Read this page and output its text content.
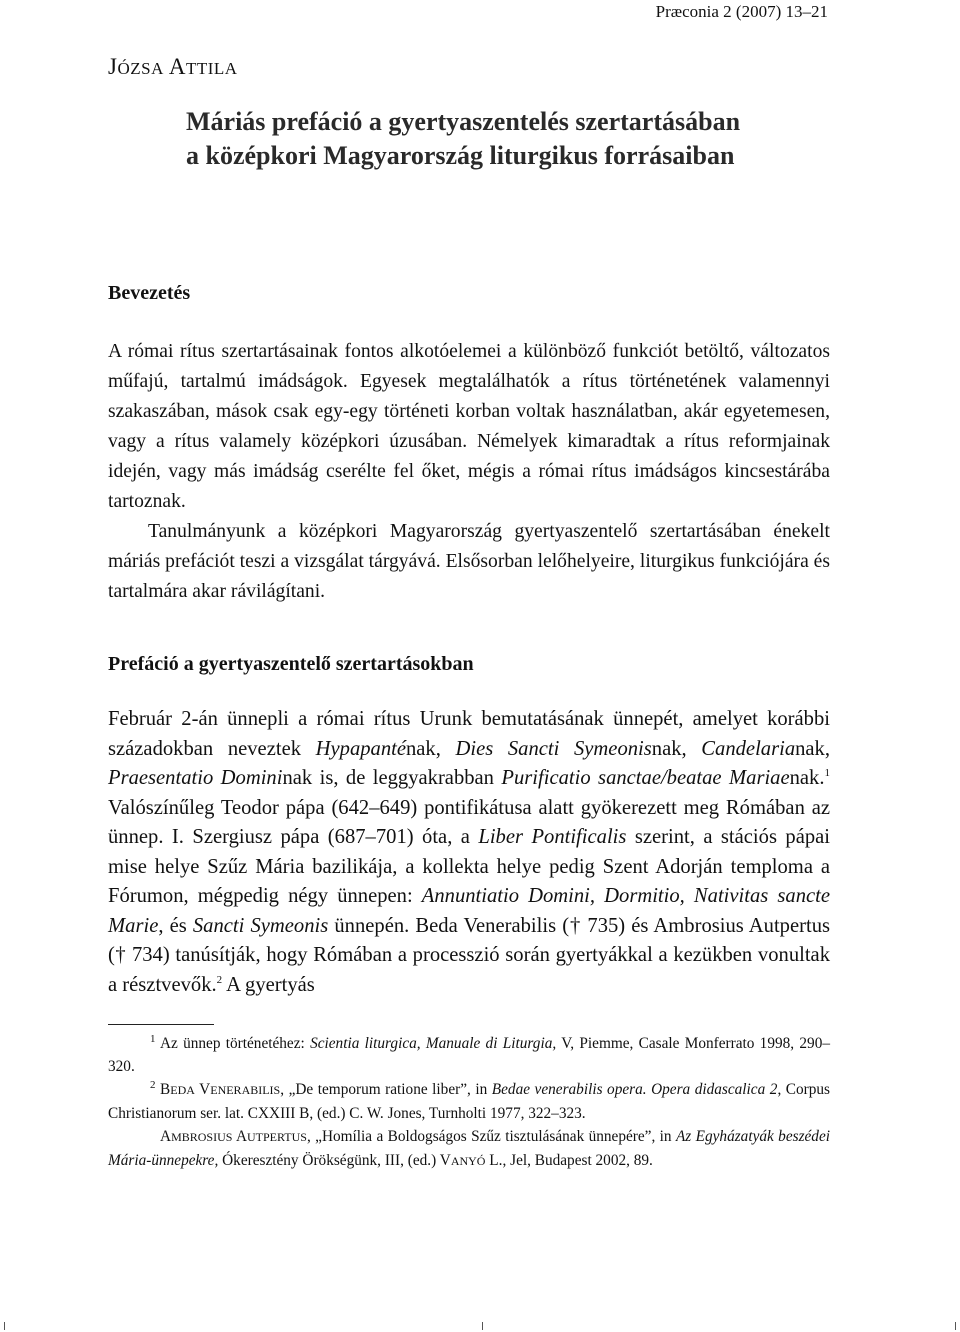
Præconia 2 (2007) 13–21
JÓZSA ATTILA
Máriás prefáció a gyertyaszentelés szertartásában
a középkori Magyarország liturgikus forrásaiban
Bevezetés

A római rítus szertartásainak fontos alkotóelemei a különböző funkciót betöltő, változatos műfajú, tartalmú imádságok. Egyesek megtalálhatók a rítus történetének valamennyi szakaszában, mások csak egy-egy történeti korban voltak használatban, akár egyetemesen, vagy a rítus valamely középkori úzusában. Némelyek kimaradtak a rítus reformjainak idején, vagy más imádság cserélte fel őket, mégis a római rítus imádságos kincsestárába tartoznak.

Tanulmányunk a középkori Magyarország gyertyaszentelő szertartásában énekelt máriás prefációt teszi a vizsgálat tárgyává. Elsősorban lelőhelyeire, liturgikus funkciójára és tartalmára akar rávilágítani.

Prefáció a gyertyaszentelő szertartásokban

Február 2-án ünnepli a római rítus Urunk bemutatásának ünnepét, amelyet korábbi századokban neveztek Hypapanténak, Dies Sancti Symeonisnak, Candelarianak, Praesentatio Domininak is, de leggyakrabban Purificatio sanctae/beatae Mariaenak.$^1$ Valószínűleg Teodor pápa (642–649) pontifikátusa alatt gyökerezett meg Rómában az ünnep. I. Szergiusz pápa (687–701) óta, a Liber Pontificalis szerint, a stációs pápai mise helye Szűz Mária bazilikája, a kollekta helye pedig Szent Adorján temploma a Fórumon, mégpedig négy ünnepen: Annuntiatio Domini, Dormitio, Nativitas sancte Marie, és Sancti Symeonis ünnepén. Beda Venerabilis († 735) és Ambrosius Autpertus († 734) tanúsítják, hogy Rómában a processzió során gyertyákkal a kezükben vonultak a résztvevők.$^2$ A gyertyás

$^1$ Az ünnep történetéhez: Scientia liturgica, Manuale di Liturgia, V, Piemme, Casale Monferrato 1998, 290–320.

$^2$ BEDA VENERABILIS, „De temporum ratione liber”, in Bedae venerabilis opera. Opera didascalica 2, Corpus Christianorum ser. lat. CXXIII B, (ed.) C. W. Jones, Turnholti 1977, 322–323.

AMBROSIUS AUTPERTUS, „Homília a Boldogságos Szűz tisztulásának ünnepére”, in Az Egyházatyák beszédei Mária-ünnepekre, Ókeresztény Örökségünk, III, (ed.) VANYÓ L., Jel, Budapest 2002, 89.
